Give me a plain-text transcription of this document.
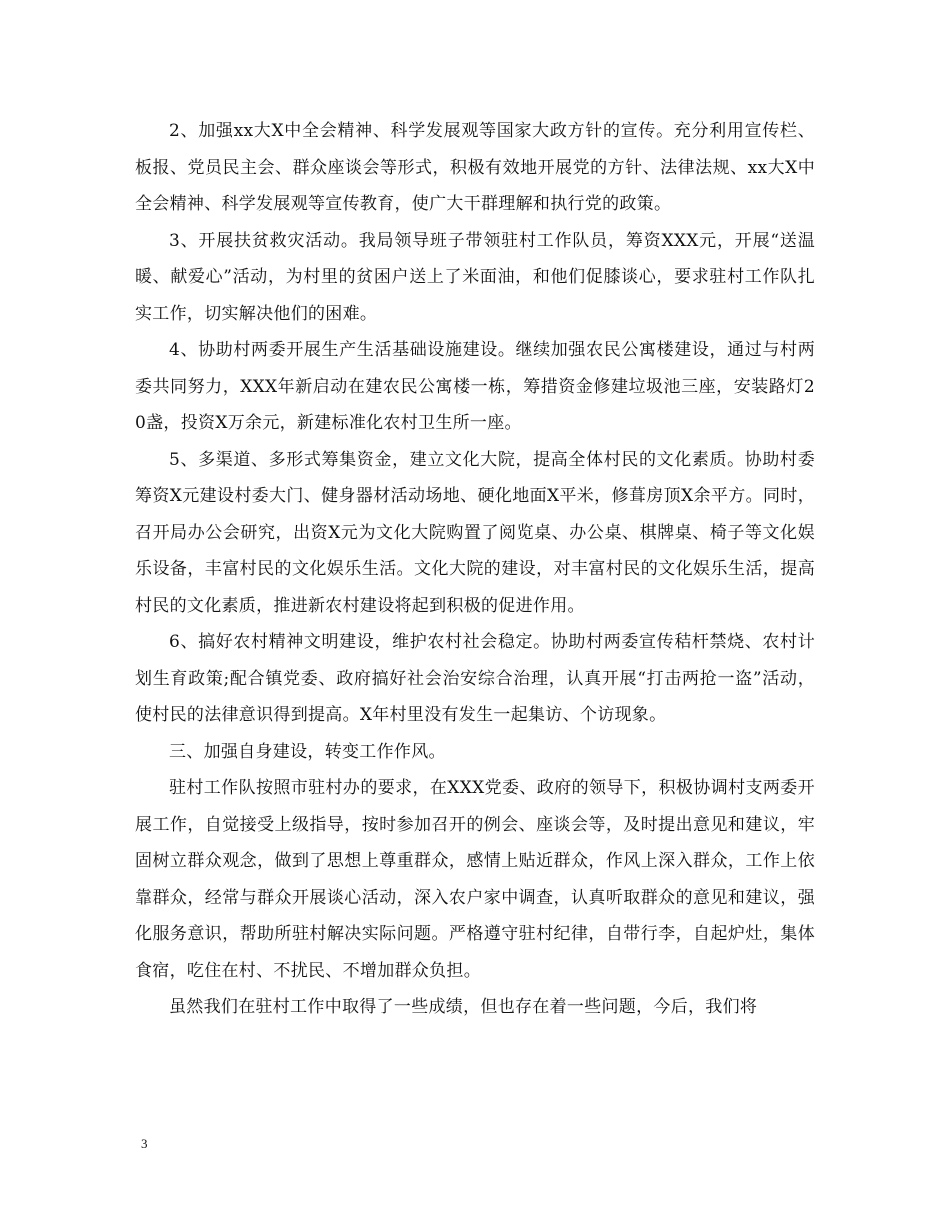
2、加强xx大X中全会精神、科学发展观等国家大政方针的宣传。充分利用宣传栏、板报、党员民主会、群众座谈会等形式，积极有效地开展党的方针、法律法规、xx大X中全会精神、科学发展观等宣传教育，使广大干群理解和执行党的政策。

3、开展扶贫救灾活动。我局领导班子带领驻村工作队员，筹资XXX元，开展“送温暖、献爱心”活动，为村里的贫困户送上了米面油，和他们促膝谈心，要求驻村工作队扎实工作，切实解决他们的困难。

4、协助村两委开展生产生活基础设施建设。继续加强农民公寓楼建设，通过与村两委共同努力，XXX年新启动在建农民公寓楼一栋，筹措资金修建垃圾池三座，安装路灯20盏，投资X万余元，新建标准化农村卫生所一座。

5、多渠道、多形式筹集资金，建立文化大院，提高全体村民的文化素质。协助村委筹资X元建设村委大门、健身器材活动场地、硬化地面X平米，修葺房顶X余平方。同时，召开局办公会研究，出资X元为文化大院购置了阅览桌、办公桌、棋牌桌、椅子等文化娱乐设备，丰富村民的文化娱乐生活。文化大院的建设，对丰富村民的文化娱乐生活，提高村民的文化素质，推进新农村建设将起到积极的促进作用。

6、搞好农村精神文明建设，维护农村社会稳定。协助村两委宣传秸杆禁烧、农村计划生育政策;配合镇党委、政府搞好社会治安综合治理，认真开展“打击两抢一盗”活动，使村民的法律意识得到提高。X年村里没有发生一起集访、个访现象。

三、加强自身建设，转变工作作风。

驻村工作队按照市驻村办的要求，在XXX党委、政府的领导下，积极协调村支两委开展工作，自觉接受上级指导，按时参加召开的例会、座谈会等，及时提出意见和建议，牢固树立群众观念，做到了思想上尊重群众，感情上贴近群众，作风上深入群众，工作上依靠群众，经常与群众开展谈心活动，深入农户家中调查，认真听取群众的意见和建议，强化服务意识，帮助所驻村解决实际问题。严格遵守驻村纪律，自带行李，自起炉灶，集体食宿，吃住在村、不扰民、不增加群众负担。

虽然我们在驻村工作中取得了一些成绩，但也存在着一些问题，今后，我们将

3
